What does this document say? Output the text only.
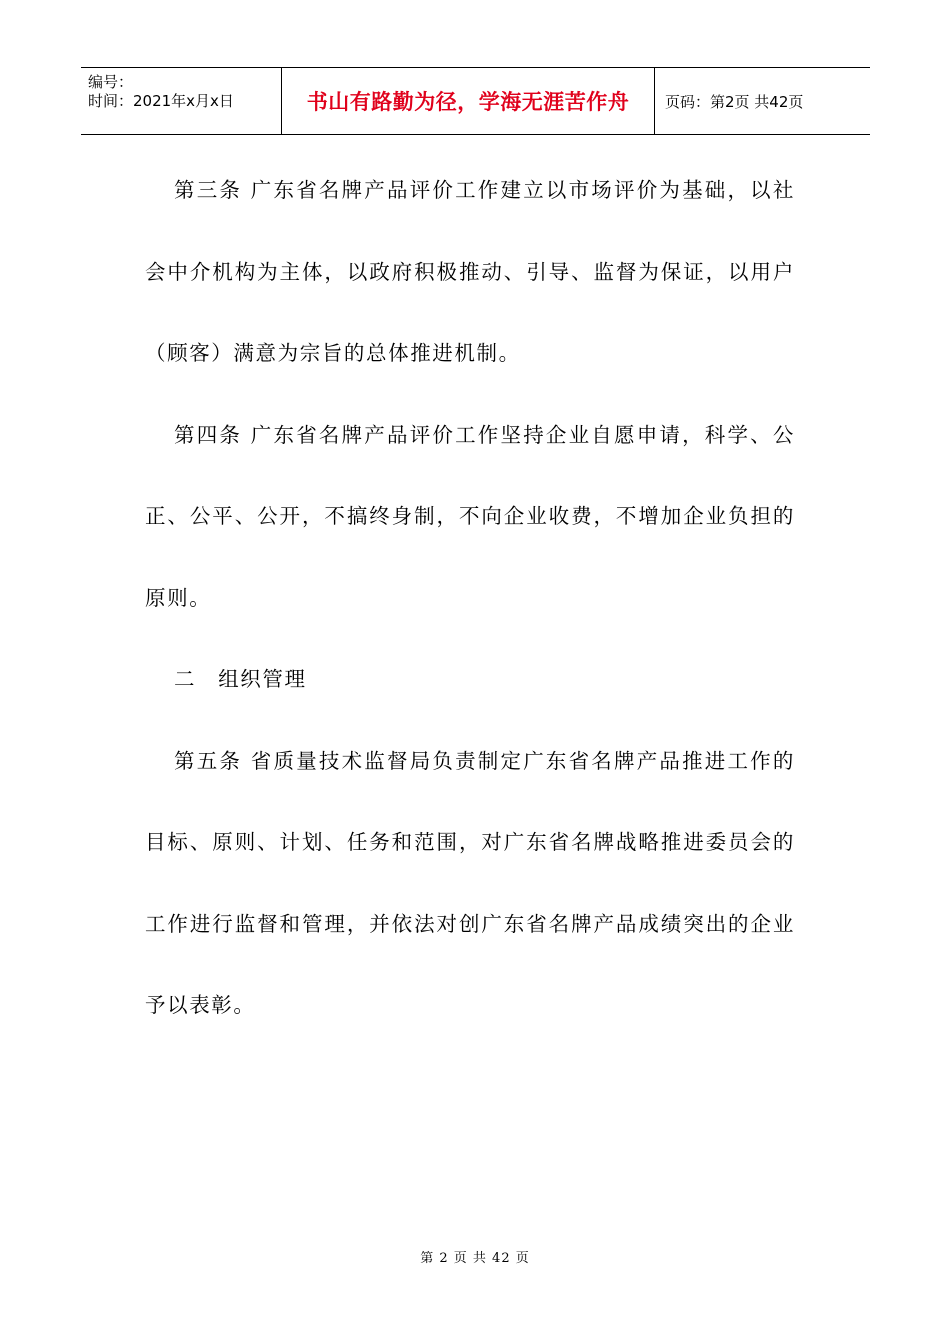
编号：
时间：2021年x月x日	书山有路勤为径，学海无涯苦作舟 页码：第2页 共42页

第三条 广东省名牌产品评价工作建立以市场评价为基础，以社会中介机构为主体，以政府积极推动、引导、监督为保证，以用户（顾客）满意为宗旨的总体推进机制。

第四条 广东省名牌产品评价工作坚持企业自愿申请，科学、公正、公平、公开，不搞终身制，不向企业收费，不增加企业负担的原则。

二　组织管理

第五条 省质量技术监督局负责制定广东省名牌产品推进工作的目标、原则、计划、任务和范围，对广东省名牌战略推进委员会的工作进行监督和管理，并依法对创广东省名牌产品成绩突出的企业予以表彰。

第 2 页 共 42 页
